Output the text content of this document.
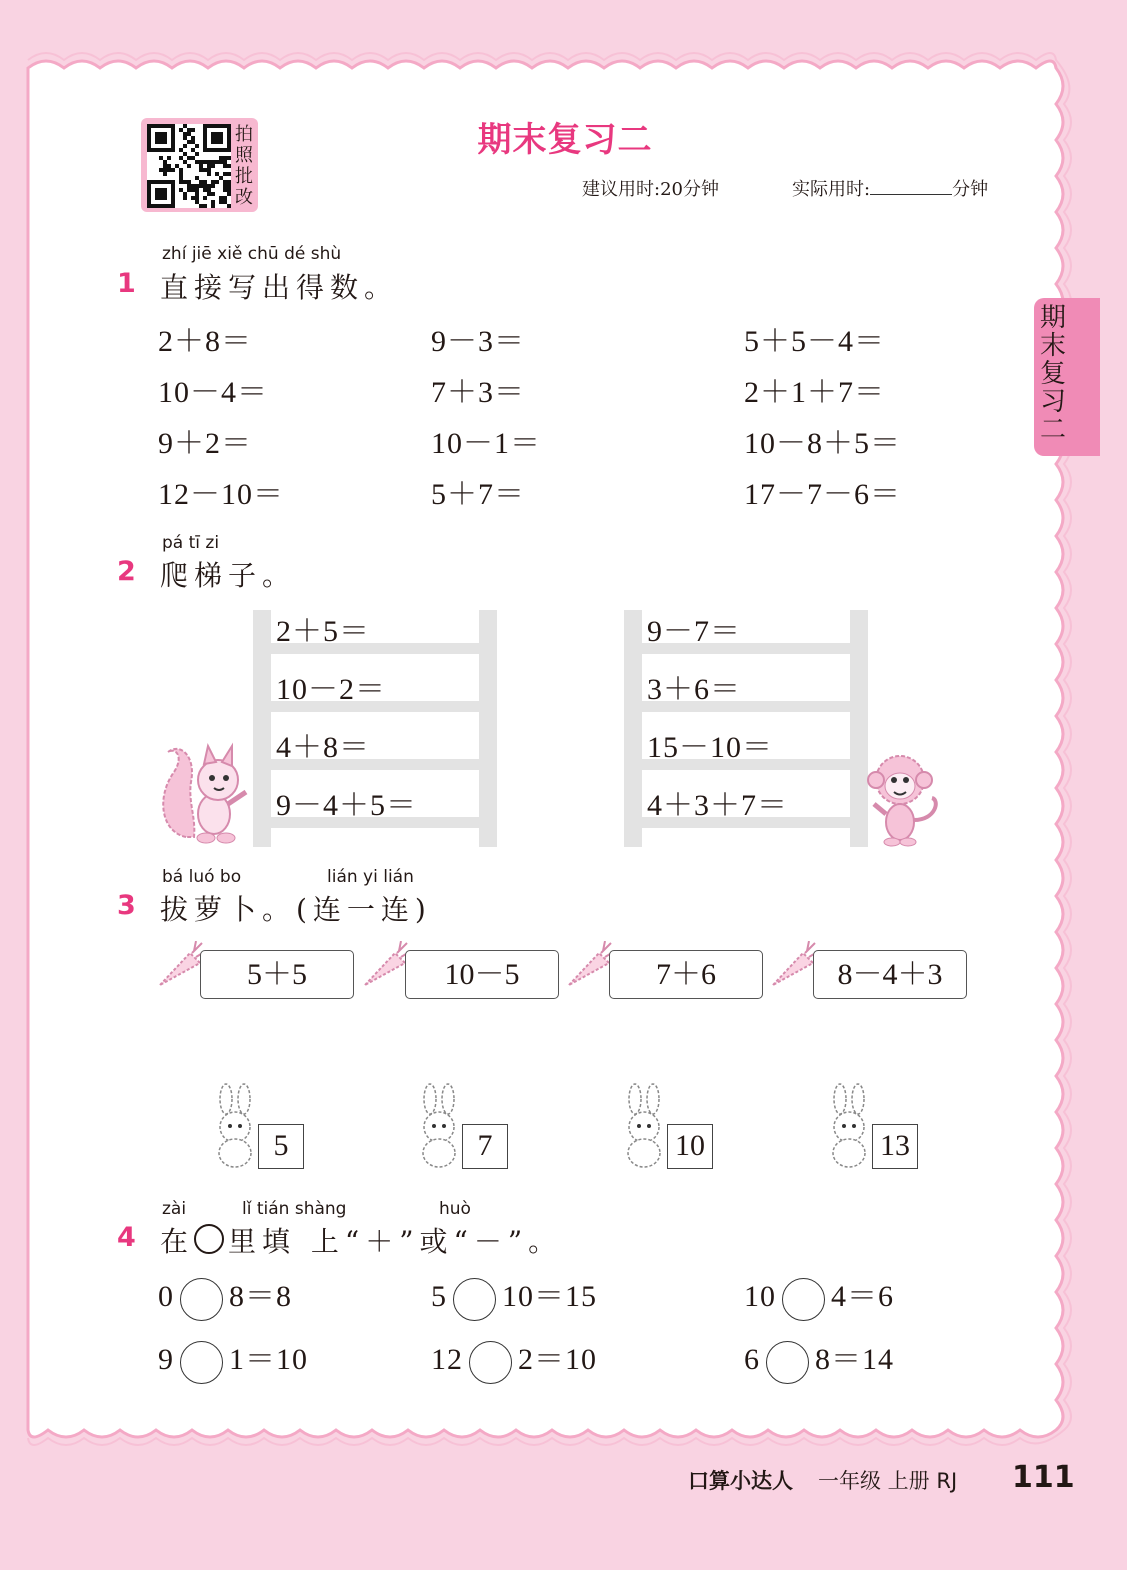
拍照批改
期末复习二
建议用时:20分钟	实际用时:	分钟
期末复习二
zhí jiē xiě chū dé shù
1 直接写出得数。
2＋8＝	9－3＝	5＋5－4＝
10－4＝	7＋3＝	2＋1＋7＝
9＋2＝	10－1＝	10－8＋5＝
12－10＝	5＋7＝	17－7－6＝
pá tī zi
2 爬梯子。
2＋5＝
10－2＝
4＋8＝
9－4＋5＝
9－7＝
3＋6＝
15－10＝
4＋3＋7＝
bá luó bo	lián yi lián
3 拔萝卜。(连一连)
5＋5	10－5	7＋6	8－4＋3
5	7	10	13
zài	lǐ tián shàng	huò
4 在 里填 上“＋”或“－”。
0 8＝8	5 10＝15	10 4＝6
9 1＝10	12 2＝10	6 8＝14
口算小达人 一年级 上册 RJ 111
